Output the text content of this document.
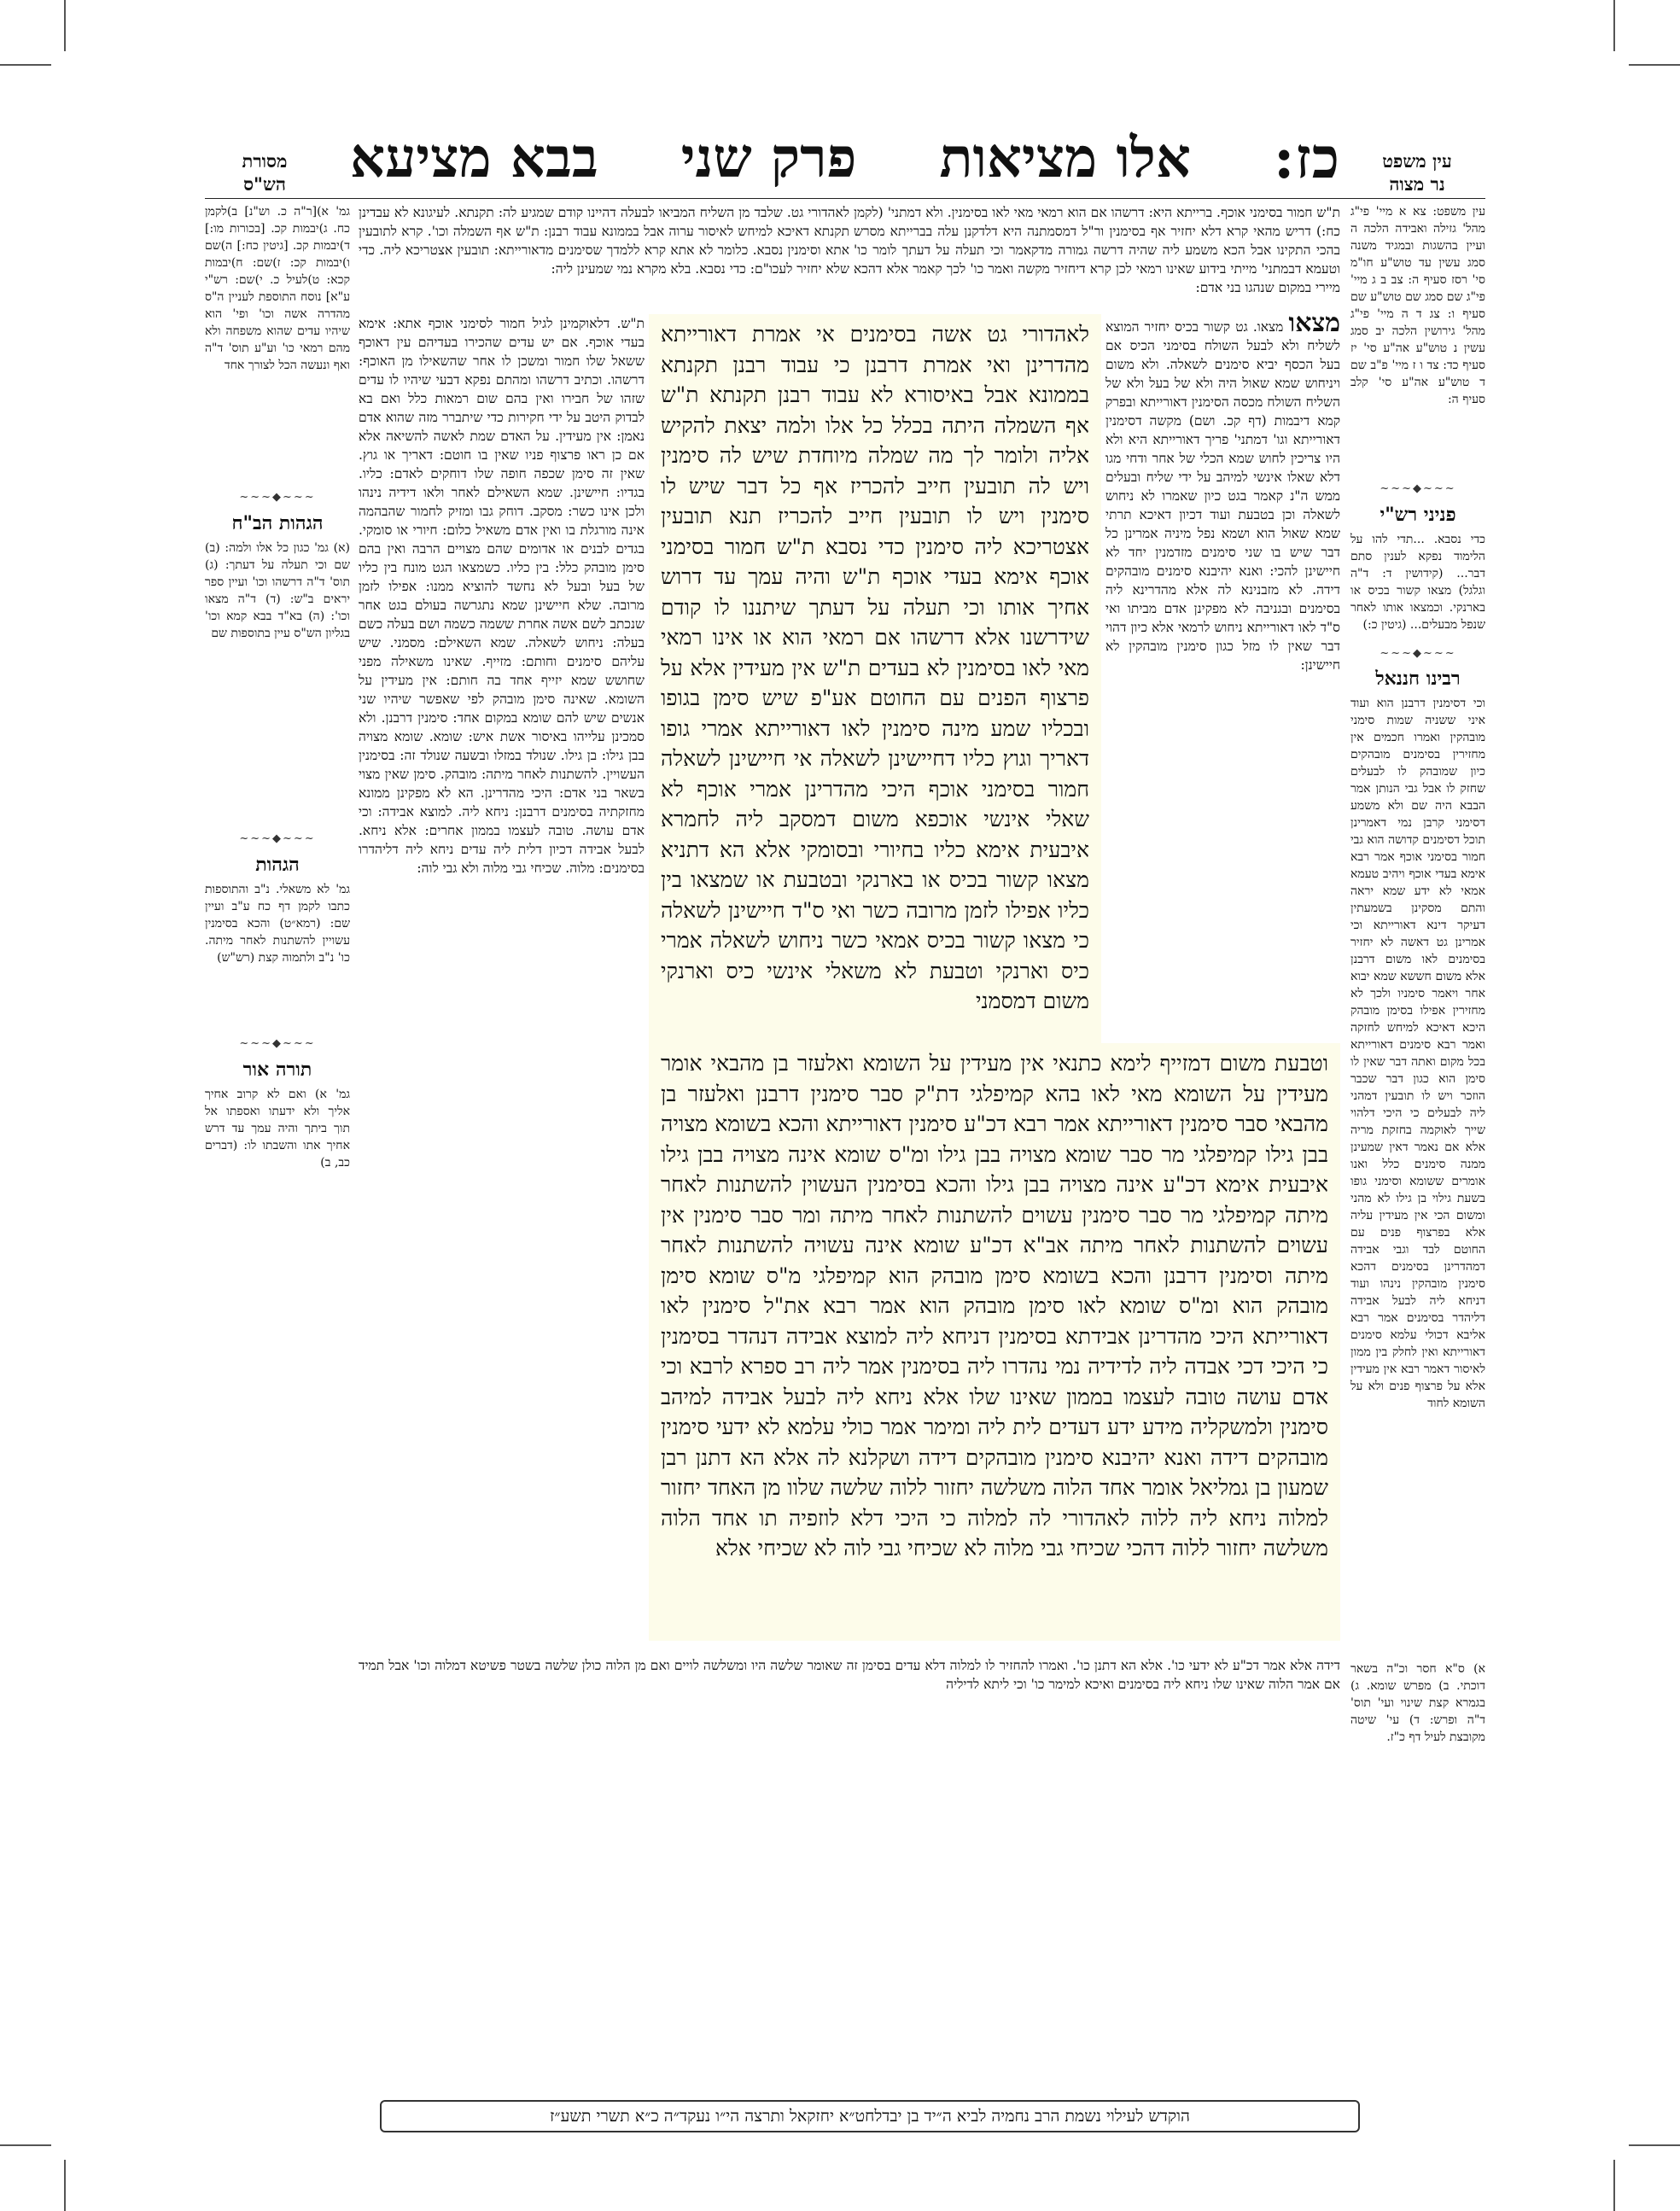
כז:
אלו מציאות
פרק שני
בבא מציעא	עין משפט
נר מצוה
מסורת
הש"ס
לאהדורי גט אשה בסימנים אי אמרת דאורייתא מהדרינן ואי אמרת דרבנן כי עבוד רבנן תקנתא בממונא אבל באיסורא לא עבוד רבנן תקנתא ת"ש אף השמלה היתה בכלל כל אלו ולמה יצאת להקיש אליה ולומר לך מה שמלה מיוחדת שיש לה סימנין ויש לה תובעין חייב להכריז אף כל דבר שיש לו סימנין ויש לו תובעין חייב להכריז תנא תובעין אצטריכא ליה סימנין כדי נסבא ת"ש חמור בסימני אוכף אימא בעדי אוכף ת"ש והיה עמך עד דרוש אחיך אותו וכי תעלה על דעתך שיתננו לו קודם שידרשנו אלא דרשהו אם רמאי הוא או אינו רמאי מאי לאו בסימנין לא בעדים ת"ש אין מעידין אלא על פרצוף הפנים עם החוטם אע"פ שיש סימן בגופו ובכליו שמע מינה סימנין לאו דאורייתא אמרי גופו דאריך וגוץ כליו דחיישינן לשאלה אי חיישינן לשאלה חמור בסימני אוכף היכי מהדרינן אמרי אוכף לא שאלי אינשי אוכפא משום דמסקב ליה לחמרא איבעית אימא כליו בחיורי ובסומקי אלא הא דתניא מצאו קשור בכיס או בארנקי ובטבעת או שמצאו בין כליו אפילו לזמן מרובה כשר ואי ס"ד חיישינן לשאלה כי מצאו קשור בכיס אמאי כשר ניחוש לשאלה אמרי כיס וארנקי וטבעת לא משאלי אינשי כיס וארנקי משום דמסמני
וטבעת משום דמזייף לימא כתנאי אין מעידין על השומא ואלעזר בן מהבאי אומר מעידין על השומא מאי לאו בהא קמיפלגי דת"ק סבר סימנין דרבנן ואלעזר בן מהבאי סבר סימנין דאורייתא אמר רבא דכ"ע סימנין דאורייתא והכא בשומא מצויה בבן גילו קמיפלגי מר סבר שומא מצויה בבן גילו ומ"ס שומא אינה מצויה בבן גילו איבעית אימא דכ"ע אינה מצויה בבן גילו והכא בסימנין העשוין להשתנות לאחר מיתה קמיפלגי מר סבר סימנין עשוים להשתנות לאחר מיתה ומר סבר סימנין אין עשוים להשתנות לאחר מיתה אב"א דכ"ע שומא אינה עשויה להשתנות לאחר מיתה וסימנין דרבנן והכא בשומא סימן מובהק הוא קמיפלגי מ"ס שומא סימן מובהק הוא ומ"ס שומא לאו סימן מובהק הוא אמר רבא את"ל סימנין לאו דאורייתא היכי מהדרינן אבידתא בסימנין דניחא ליה למוצא אבידה דנהדר בסימנין כי היכי דכי אבדה ליה לדידיה נמי נהדרו ליה בסימנין אמר ליה רב ספרא לרבא וכי אדם עושה טובה לעצמו בממון שאינו שלו אלא ניחא ליה לבעל אבידה למיהב סימנין ולמשקליה מידע ידע דעדים לית ליה ומימר אמר כולי עלמא לא ידעי סימנין מובהקים דידה ואנא יהיבנא סימנין מובהקים דידה ושקלנא לה אלא הא דתנן רבן שמעון בן גמליאל אומר אחד הלוה משלשה יחזור ללוה שלשה שלוו מן האחד יחזור למלוה ניחא ליה ללוה לאהדורי לה למלוה כי היכי דלא לוזפיה תו אחד הלוה משלשה יחזור ללוה דהכי שכיחי גבי מלוה לא שכיחי גבי לוה לא שכיחי אלא
ת"ש חמור בסימני אוכף. ברייתא היא: דרשהו אם הוא רמאי מאי לאו בסימנין. ולא דמתני' (לקמן כח:) דריש מהאי קרא דלא יחזיר אף בסימנין ור"ל דמסמתנה היא דלדקנן עלה בברייתא מסרש בהכי התקינו אבל הכא משמע ליה שהיה דרשה גמורה מדקאמר וכי תעלה על דעתך לומר כו' וטעמא דבמתני' מייתי בידוע שאינו רמאי לכן קרא דיחזיר מקשה ואמר כו' לכך קאמר אלא דהכא מיירי במקום שנהגו בני אדם:
מצאו מצאו. גט קשור בכיס יחזיר המוצא לשליח ולא לבעל השולח בסימני הכיס אם בעל הכסף יביא סימנים לשאלה. ולא משום ויניחוש שמא שאול היה ולא של בעל ולא של השליח השולח מכסה הסימנין דאורייתא ובפרק קמא דיבמות (דף קכ. ושם) מקשה דסימנין דאורייתא וגו' דמתני' פריך דאורייתא היא ולא היו צריכין לחוש שמא הכלי של אחר ודחי מגו דלא שאלו אינשי למיהב על ידי שליח ובעלים ממש ה"נ קאמר בגט כיון שאמרו לא ניחוש לשאלה וכן בטבעת ועוד דכיון דאיכא תרתי שמא שאול הוא ושמא נפל מיניה אמרינן כל דבר שיש בו שני סימנים מזדמנין יחד לא חיישינן להכי: ואנא יהיבנא סימנים מובהקים דידה. לא מזבנינא לה אלא מהדרינא ליה בסימנים ובגניבה לא מפקינן אדם מביתו ואי ס"ד לאו דאורייתא ניחוש לרמאי אלא כיון דהוי דבר שאין לו מזל כגון סימנין מובהקין לא חיישינן:
לאהדורי גט. שלבד מן השליח המביאו לבעלה דהיינו קודם שמגיע לה: תקנתא. לעיגונא לא עבדינן תקנתא דאיכא למיחש לאיסור ערוה אבל בממונא עבוד רבנן: ת"ש אף השמלה וכו'. קרא לתובעין אתא וסימנין נסבא. כלומר לא אתא קרא ללמדך שסימנים מדאורייתא: תובעין אצטריכא ליה. כדי שלא יחזיר לעכו"ם: כדי נסבא. בלא מקרא נמי שמעינן ליה:
ת"ש. דלאוקמינן לגיל חמור לסימני אוכף אתא: אימא בעדי אוכף. אם יש עדים שהכירו בעדיהם עין דאוכף ששאל שלו חמור ומשכן לו אחר שהשאילו מן האוכף: דרשהו. וכתיב דרשהו ומהתם נפקא דבעי שיהיו לו עדים שזהו של חבירו ואין בהם שום רמאות כלל ואם בא לבדוק היטב על ידי חקירות כדי שיתברר מזה שהוא אדם נאמן: אין מעידין. על האדם שמת לאשה להשיאה אלא אם כן ראו פרצוף פניו שאין בו חוטם: דאריך או גוץ. שאין זה סימן שכפה חופה שלו דוחקים לאדם: כליו. בגדיו: חיישינן. שמא השאילם לאחר ולאו דידיה נינהו ולכן אינו כשר: מסקב. דוחק גבו ומזיק לחמור שהבהמה אינה מורגלת בו ואין אדם משאיל כלום: חיורי או סומקי. בגדים לבנים או אדומים שהם מצויים הרבה ואין בהם סימן מובהק כלל: בין כליו. כשמצאו הגט מונח בין כליו של בעל ובעל לא נחשד להוציא ממנו: אפילו לזמן מרובה. שלא חיישינן שמא נתגרשה בעולם בגט אחר שנכתב לשם אשה אחרת ששמה כשמה ושם בעלה כשם בעלה: ניחוש לשאלה. שמא השאילם: מסמני. שיש עליהם סימנים וחותם: מזייף. שאינו משאילה מפני שחושש שמא יזייף אחד בה חותם: אין מעידין על השומא. שאינה סימן מובהק לפי שאפשר שיהיו שני אנשים שיש להם שומא במקום אחד: סימנין דרבנן. ולא סמכינן עלייהו באיסור אשת איש: שומא. שומא מצויה בבן גילו: בן גילו. שנולד במזלו ובשעה שנולד זה: בסימנין העשויין. להשתנות לאחר מיתה: מובהק. סימן שאין מצוי בשאר בני אדם: היכי מהדרינן. הא לא מפקינן ממונא מחזקתיה בסימנים דרבנן: ניחא ליה. למוצא אבידה: וכי אדם עושה. טובה לעצמו בממון אחרים: אלא ניחא. לבעל אבידה דכיון דלית ליה עדים ניחא ליה דליהדרו בסימנים: מלוה. שכיחי גבי מלוה ולא גבי לוה:
דידה אלא אמר דכ"ע לא ידעי כו'. אלא הא דתנן כו'. ואמרו להחזיר לו למלוה דלא עדים בסימן זה שאומר שלשה היו ומשלשה לויים ואם מן הלוה כולן שלשה בשטר פשיטא דמלוה וכו' אבל תמיד אם אמר הלוה שאינו שלו ניחא ליה בסימנים ואיכא למימר כו' וכי ליתא לדיליה
עין משפט: צא א מיי' פי"ג מהל' גזילה ואבידה הלכה ה ועיין בהשגות ובמגיד משנה סמג עשין עד טוש"ע חו"מ סי' רסז סעיף ה: צב ב ג מיי' פי"ג שם סמג שם טוש"ע שם סעיף ו: צג ד ה מיי' פי"ג מהל' גירושין הלכה יב סמג עשין נ טוש"ע אה"ע סי' יז סעיף כד: צד ו ז מיי' פ"ב שם ד טוש"ע אה"ע סי' קלב סעיף ה:
~~~◆~~~
פניני רש"י
כדי נסבא. ...תדי להו על הלימוד נפקא לענין סתם דבר... (קידושין ד: ד"ה וגלגל) מצאו קשור בכיס או בארנקי. וכמצאו אותו לאחר שנפל מבעלים... (גיטין כ:)
~~~◆~~~
רבינו חננאל
וכי דסימנין דרבנן הוא ועוד איני ששניה שמות סימני מובהקין ואמרו חכמים אין מחזירין בסימנים מובהקים כיון שמובהק לו לבעלים שחזק לו אבל גבי הנותן אמר הבבא היה שם ולא משמע דסימני קרבן נמי דאמרינן תוכל דסימנים קדושה הוא גבי חמור בסימני אוכף אמר רבא אימא בעדי אוכף ויהיב טעמא אמאי לא ידע שמא יראה והתם מסקינן בשמעתין דעיקר דינא דאורייתא וכי אמרינן גט דאשה לא יחזיר בסימנים לאו משום דרבנן אלא משום חששא שמא יבוא אחר ויאמר סימניו ולכך לא מחזירין אפילו בסימן מובהק היכא דאיכא למיחש לחזקה ואמר רבא סימנים דאורייתא בכל מקום ואתה דבר שאין לו סימן הוא כגון דבר שכבר הוזכר ויש לו תובעין דמהני ליה לבעלים כי היכי דלהוי שייך לאוקמה בחזקת מריה אלא אם נאמר דאין שמעינן ממנה סימנים כלל ואנו אומרים ששומא וסימני גופו בשעת גילוי בן גילו לא מהני ומשום הכי אין מעידין עליה אלא בפרצוף פנים עם החוטם לבד וגבי אבידה דמהדרינן בסימנים דהכא סימנין מובהקין נינהו ועוד דניחא ליה לבעל אבידה דליהדר בסימנים אמר רבא אליבא דכולי עלמא סימנים דאורייתא ואין לחלק בין ממון לאיסור דאמר רבא אין מעידין אלא על פרצוף פנים ולא על השומא לחוד
א) ס"א חסר וכ"ה בשאר דוכתי. ב) מפרש שומא. ג) בגמרא קצת שינוי ועי' תוס' ד"ה ופרש: ד) עי' שיטה מקובצת לעיל דף כ"ז.
גמ' א)[ר"ה כ. וש"נ] ב)לקמן כח. ג)יבמות קכ. [בכורות מו:] ד)יבמות קכ. [גיטין כח:] ה)שם ו)יבמות קכ: ז)שם: ח)יבמות קכא: ט)לעיל כ. י)שם: רש"י ע"א] נוסח התוספת לעניין ה"ס מהדרה אשה וכו' ופי' הוא שיהיו עדים שהוא משפחה ולא מהם רמאי כו' וע"ע תוס' ד"ה ואף ונעשה הכל לצורך אחד
~~~◆~~~
הגהות הב"ח
(א) גמ' כגון כל אלו ולמה: (ב) שם וכי תעלה על דעתך: (ג) תוס' ד"ה דרשהו וכו' ועיין ספר יראים ב"ש: (ד) ד"ה מצאו וכו': (ה) בא"ד בבא קמא וכו' בגליון הש"ס עיין בתוספות שם
~~~◆~~~
הגהות
גמ' לא משאלי. נ"ב והתוספות כתבו לקמן דף כח ע"ב ועיין שם: (רמא״ט) והכא בסימנין עשויין להשתנות לאחר מיתה. כו' נ"ב ולתמוה קצת (רש"ש)
~~~◆~~~
תורה אור
גמ' א) ואם לא קרוב אחיך אליך ולא ידעתו ואספתו אל תוך ביתך והיה עמך עד דרש אחיך אתו והשבתו לו: (דברים כב, ב)
הוקדש לעילוי נשמת הרב נחמיה לביא ה״יד בן יבדלחט״א יחזקאל ותרצה הי״ו נעקד״ה כ״א תשרי תשע״ז
